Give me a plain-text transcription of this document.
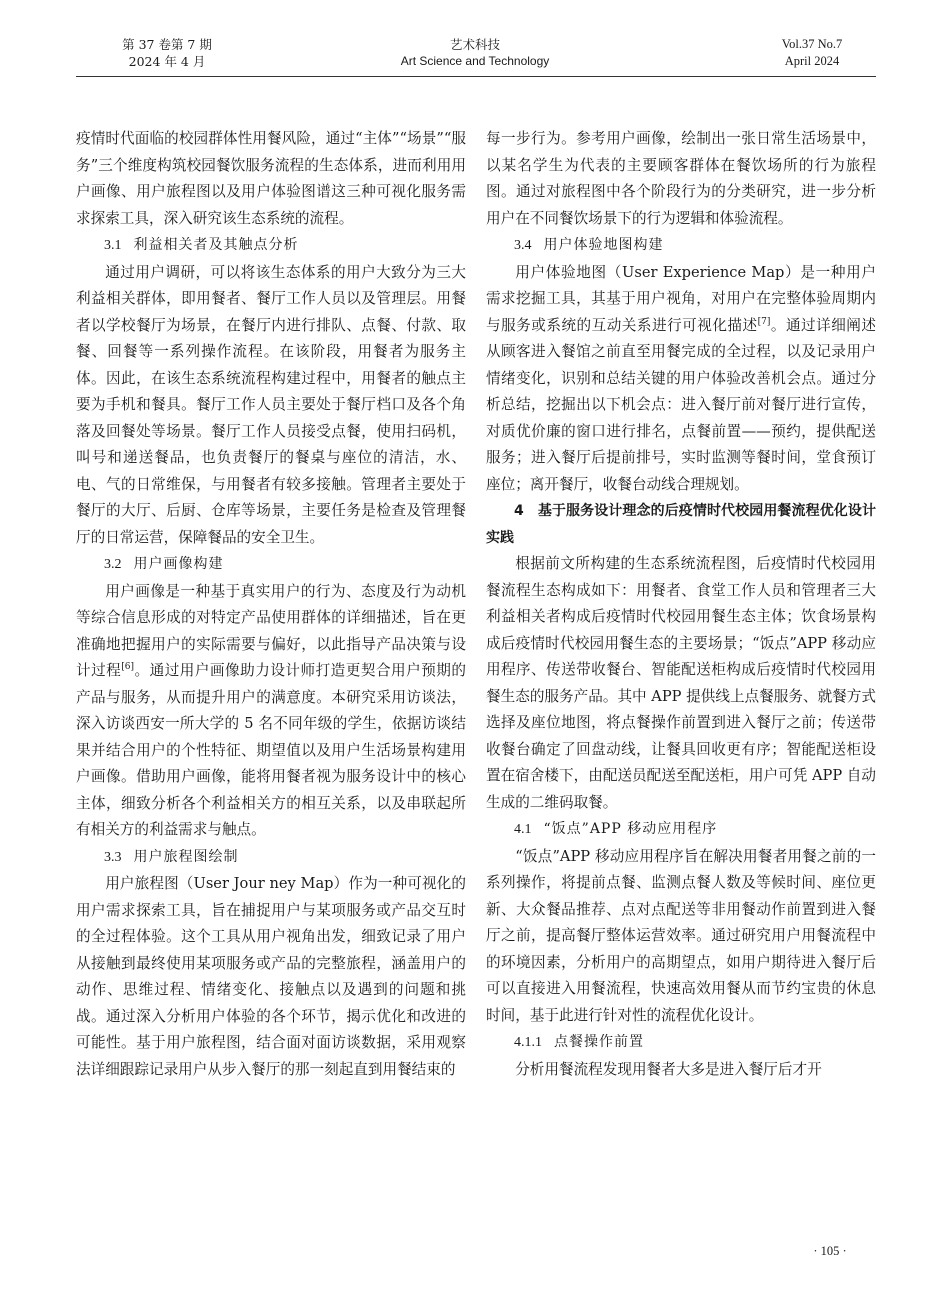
第 37 卷第 7 期
2024 年 4 月
艺术科技
Art Science and Technology
Vol.37 No.7
April 2024

疫情时代面临的校园群体性用餐风险，通过“主体”“场景”“服务”三个维度构筑校园餐饮服务流程的生态体系，进而利用用户画像、用户旅程图以及用户体验图谱这三种可视化服务需求探索工具，深入研究该生态系统的流程。

3.1 利益相关者及其触点分析

通过用户调研，可以将该生态体系的用户大致分为三大利益相关群体，即用餐者、餐厅工作人员以及管理层。用餐者以学校餐厅为场景，在餐厅内进行排队、点餐、付款、取餐、回餐等一系列操作流程。在该阶段，用餐者为服务主体。因此，在该生态系统流程构建过程中，用餐者的触点主要为手机和餐具。餐厅工作人员主要处于餐厅档口及各个角落及回餐处等场景。餐厅工作人员接受点餐，使用扫码机，叫号和递送餐品，也负责餐厅的餐桌与座位的清洁，水、电、气的日常维保，与用餐者有较多接触。管理者主要处于餐厅的大厅、后厨、仓库等场景，主要任务是检查及管理餐厅的日常运营，保障餐品的安全卫生。

3.2 用户画像构建

用户画像是一种基于真实用户的行为、态度及行为动机等综合信息形成的对特定产品使用群体的详细描述，旨在更准确地把握用户的实际需要与偏好，以此指导产品决策与设计过程[6]。通过用户画像助力设计师打造更契合用户预期的产品与服务，从而提升用户的满意度。本研究采用访谈法，深入访谈西安一所大学的 5 名不同年级的学生，依据访谈结果并结合用户的个性特征、期望值以及用户生活场景构建用户画像。借助用户画像，能将用餐者视为服务设计中的核心主体，细致分析各个利益相关方的相互关系，以及串联起所有相关方的利益需求与触点。

3.3 用户旅程图绘制

用户旅程图（User Jour ney Map）作为一种可视化的用户需求探索工具，旨在捕捉用户与某项服务或产品交互时的全过程体验。这个工具从用户视角出发，细致记录了用户从接触到最终使用某项服务或产品的完整旅程，涵盖用户的动作、思维过程、情绪变化、接触点以及遇到的问题和挑战。通过深入分析用户体验的各个环节，揭示优化和改进的可能性。基于用户旅程图，结合面对面访谈数据，采用观察法详细跟踪记录用户从步入餐厅的那一刻起直到用餐结束的

每一步行为。参考用户画像，绘制出一张日常生活场景中，以某名学生为代表的主要顾客群体在餐饮场所的行为旅程图。通过对旅程图中各个阶段行为的分类研究，进一步分析用户在不同餐饮场景下的行为逻辑和体验流程。

3.4 用户体验地图构建

用户体验地图（User Experience Map）是一种用户需求挖掘工具，其基于用户视角，对用户在完整体验周期内与服务或系统的互动关系进行可视化描述[7]。通过详细阐述从顾客进入餐馆之前直至用餐完成的全过程，以及记录用户情绪变化，识别和总结关键的用户体验改善机会点。通过分析总结，挖掘出以下机会点：进入餐厅前对餐厅进行宣传，对质优价廉的窗口进行排名，点餐前置——预约，提供配送服务；进入餐厅后提前排号，实时监测等餐时间，堂食预订座位；离开餐厅，收餐台动线合理规划。

4 基于服务设计理念的后疫情时代校园用餐流程优化设计实践

根据前文所构建的生态系统流程图，后疫情时代校园用餐流程生态构成如下：用餐者、食堂工作人员和管理者三大利益相关者构成后疫情时代校园用餐生态主体；饮食场景构成后疫情时代校园用餐生态的主要场景；“饭点”APP 移动应用程序、传送带收餐台、智能配送柜构成后疫情时代校园用餐生态的服务产品。其中 APP 提供线上点餐服务、就餐方式选择及座位地图，将点餐操作前置到进入餐厅之前；传送带收餐台确定了回盘动线，让餐具回收更有序；智能配送柜设置在宿舍楼下，由配送员配送至配送柜，用户可凭 APP 自动生成的二维码取餐。

4.1 “饭点”APP 移动应用程序

“饭点”APP 移动应用程序旨在解决用餐者用餐之前的一系列操作，将提前点餐、监测点餐人数及等候时间、座位更新、大众餐品推荐、点对点配送等非用餐动作前置到进入餐厅之前，提高餐厅整体运营效率。通过研究用户用餐流程中的环境因素，分析用户的高期望点，如用户期待进入餐厅后可以直接进入用餐流程，快速高效用餐从而节约宝贵的休息时间，基于此进行针对性的流程优化设计。

4.1.1 点餐操作前置

分析用餐流程发现用餐者大多是进入餐厅后才开

· 105 ·
